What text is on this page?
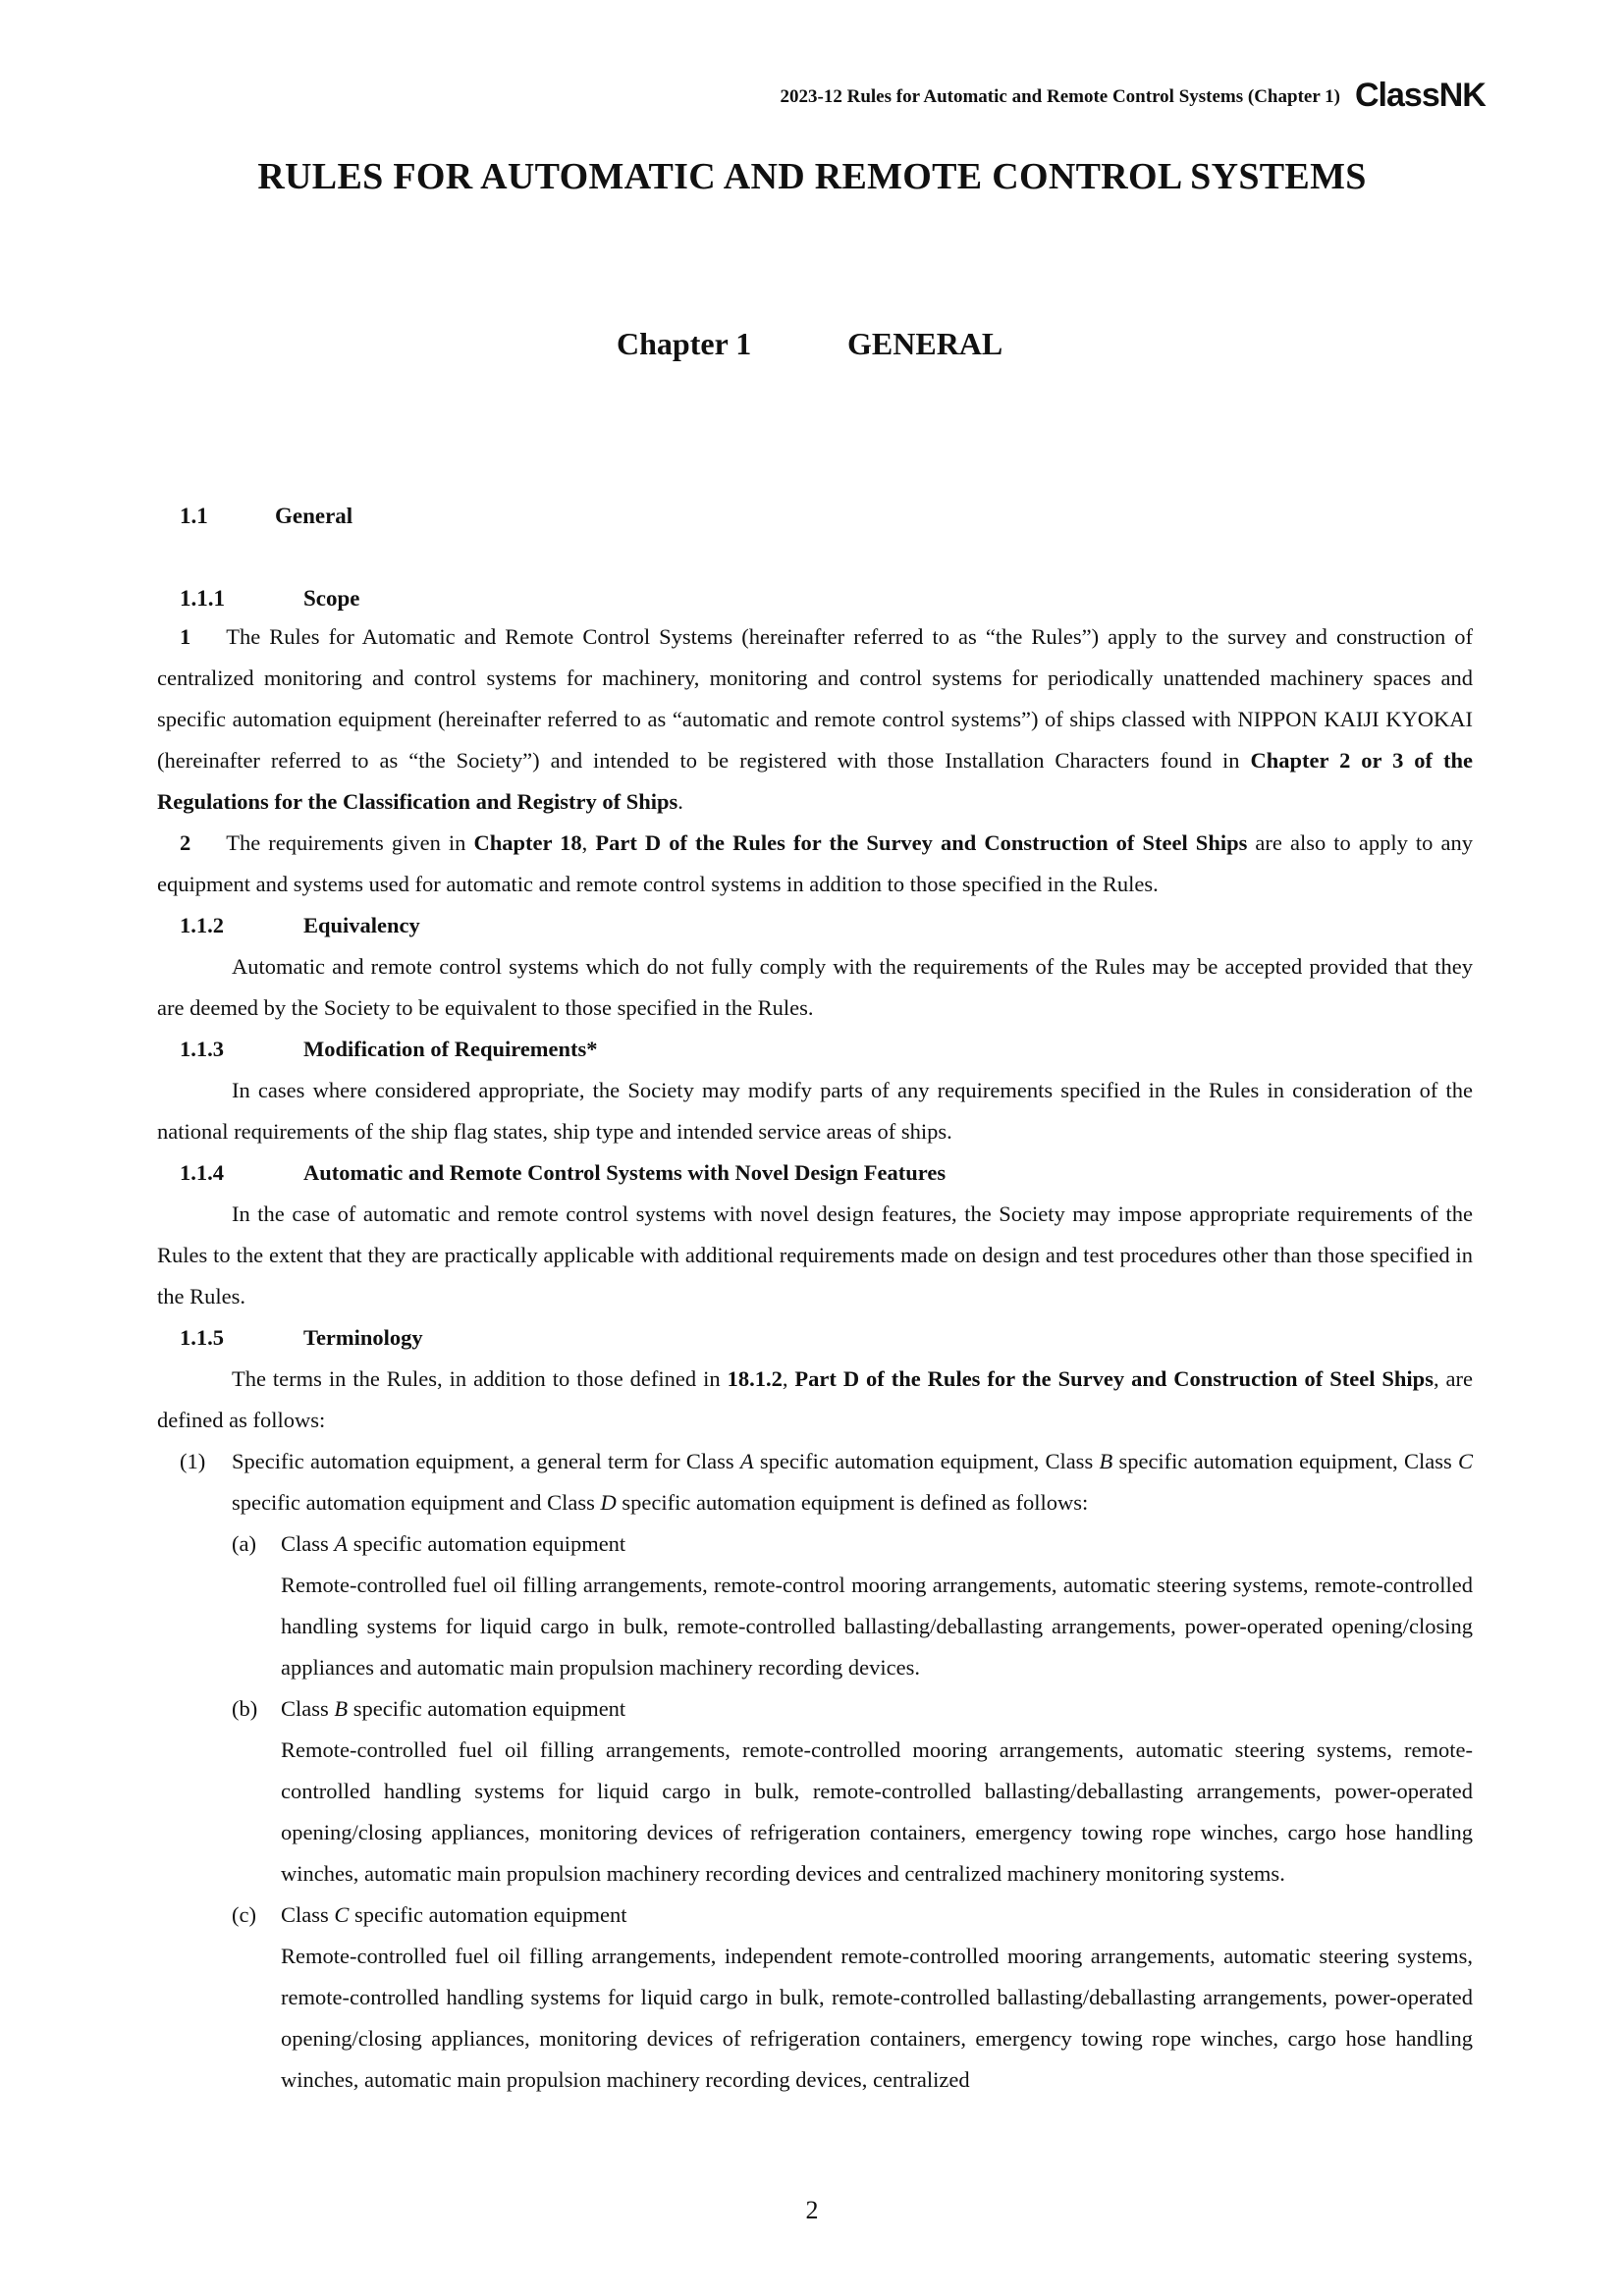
2023-12 Rules for Automatic and Remote Control Systems (Chapter 1) ClassNK
RULES FOR AUTOMATIC AND REMOTE CONTROL SYSTEMS
Chapter 1	GENERAL
1.1	General
1.1.1	Scope

1 The Rules for Automatic and Remote Control Systems (hereinafter referred to as “the Rules”) apply to the survey and construction of centralized monitoring and control systems for machinery, monitoring and control systems for periodically unattended machinery spaces and specific automation equipment (hereinafter referred to as “automatic and remote control systems”) of ships classed with NIPPON KAIJI KYOKAI (hereinafter referred to as “the Society”) and intended to be registered with those Installation Characters found in Chapter 2 or 3 of the Regulations for the Classification and Registry of Ships.

2 The requirements given in Chapter 18, Part D of the Rules for the Survey and Construction of Steel Ships are also to apply to any equipment and systems used for automatic and remote control systems in addition to those specified in the Rules.

1.1.2	Equivalency

Automatic and remote control systems which do not fully comply with the requirements of the Rules may be accepted provided that they are deemed by the Society to be equivalent to those specified in the Rules.

1.1.3	Modification of Requirements*

In cases where considered appropriate, the Society may modify parts of any requirements specified in the Rules in consideration of the national requirements of the ship flag states, ship type and intended service areas of ships.

1.1.4	Automatic and Remote Control Systems with Novel Design Features

In the case of automatic and remote control systems with novel design features, the Society may impose appropriate requirements of the Rules to the extent that they are practically applicable with additional requirements made on design and test procedures other than those specified in the Rules.

1.1.5	Terminology

The terms in the Rules, in addition to those defined in 18.1.2, Part D of the Rules for the Survey and Construction of Steel Ships, are defined as follows:

(1)	Specific automation equipment, a general term for Class A specific automation equipment, Class B specific automation equipment, Class C specific automation equipment and Class D specific automation equipment is defined as follows:
(a)	Class A specific automation equipment

Remote-controlled fuel oil filling arrangements, remote-control mooring arrangements, automatic steering systems, remote-controlled handling systems for liquid cargo in bulk, remote-controlled ballasting/deballasting arrangements, power-operated opening/closing appliances and automatic main propulsion machinery recording devices.

(b)	Class B specific automation equipment

Remote-controlled fuel oil filling arrangements, remote-controlled mooring arrangements, automatic steering systems, remote-controlled handling systems for liquid cargo in bulk, remote-controlled ballasting/deballasting arrangements, power-operated opening/closing appliances, monitoring devices of refrigeration containers, emergency towing rope winches, cargo hose handling winches, automatic main propulsion machinery recording devices and centralized machinery monitoring systems.

(c)	Class C specific automation equipment

Remote-controlled fuel oil filling arrangements, independent remote-controlled mooring arrangements, automatic steering systems, remote-controlled handling systems for liquid cargo in bulk, remote-controlled ballasting/deballasting arrangements, power-operated opening/closing appliances, monitoring devices of refrigeration containers, emergency towing rope winches, cargo hose handling winches, automatic main propulsion machinery recording devices, centralized

2
